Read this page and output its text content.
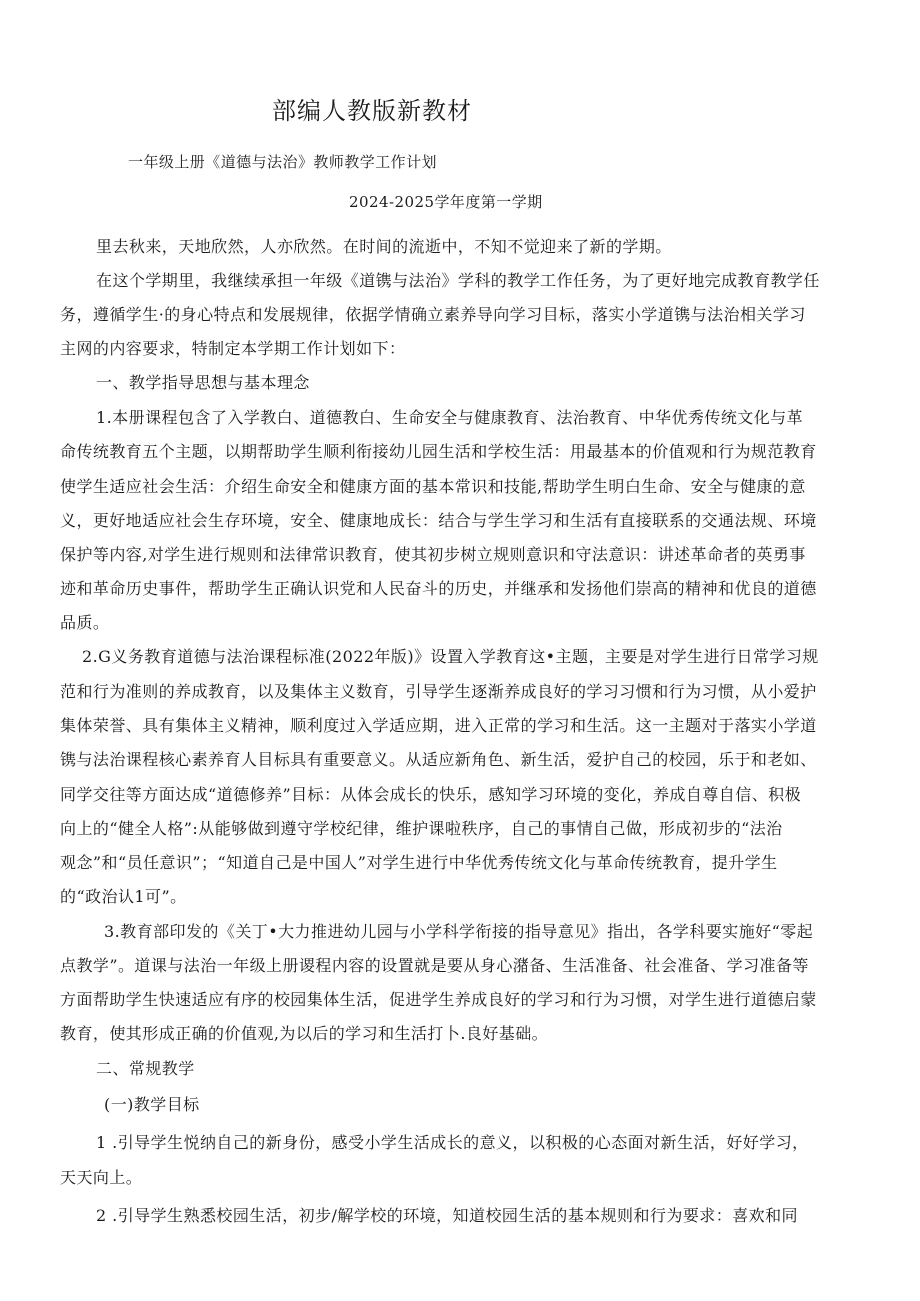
部编人教版新教材
一年级上册《道德与法治》教师教学工作计划
2024-2025学年度第一学期
里去秋来，天地欣然，人亦欣然。在时间的流逝中，不知不觉迎来了新的学期。
在这个学期里，我继续承担一年级《道镌与法治》学科的教学工作任务，为了更好地完成教育教学任
务，遵循学生·的身心特点和发展规律，依据学情确立素养导向学习目标，落实小学道镌与法治相关学习
主网的内容要求，特制定本学期工作计划如下：
一、教学指导思想与基本理念
1.本册课程包含了入学教白、道德教白、生命安全与健康教育、法治教育、中华优秀传统文化与革
命传统教育五个主题，以期帮助学生顺利衔接幼儿园生活和学校生活：用最基本的价值观和行为规范教育
使学生适应社会生活：介绍生命安全和健康方面的基本常识和技能,帮助学生明白生命、安全与健康的意
义，更好地适应社会生存环境，安全、健康地成长：结合与学生学习和生活有直接联系的交通法规、环境
保护等内容,对学生进行规则和法律常识教育，使其初步树立规则意识和守法意识：讲述革命者的英勇事
迹和革命历史事件，帮助学生正确认识党和人民奋斗的历史，并继承和发扬他们崇高的精神和优良的道德
品质。
2.G义务教育道德与法治课程标准(2022年版)》设置入学教育这•主题，主要是对学生进行日常学习规
范和行为准则的养成教育，以及集体主义数育，引导学生逐渐养成良好的学习习惯和行为习惯，从小爱护
集体荣誉、具有集体主义精神，顺利度过入学适应期，进入正常的学习和生活。这一主题对于落实小学道
镌与法治课程核心素养育人目标具有重要意义。从适应新角色、新生活，爱护自己的校园，乐于和老如、
同学交往等方面达成“道德修养”目标：从体会成长的快乐，感知学习环境的变化，养成自尊自信、积极
向上的“健全人格”:从能够做到遵守学校纪律，维护课啦秩序，自己的事情自己做，形成初步的“法治
观念”和“员任意识”；“知道自己是中国人”对学生进行中华优秀传统文化与革命传统教育，提升学生
的“政治认1可”。
3.教育部印发的《关丁•大力推进幼儿园与小学科学衔接的指导意见》指出，各学科要实施好“零起
点教学”。道课与法治一年级上册谡程内容的设置就是要从身心潴备、生活准备、社会准备、学习准备等
方面帮助学生快速适应有序的校园集体生活，促进学生养成良好的学习和行为习惯，对学生进行道德启蒙
教育，使其形成正确的价值观,为以后的学习和生活打卜.良好基础。
二、常规教学
(一)教学目标
1 .引导学生悦纳自己的新身份，感受小学生活成长的意义，以积极的心态面对新生活，好好学习，
天天向上。
2 .引导学生熟悉校园生活，初步/解学校的环境，知道校园生活的基本规则和行为要求：喜欢和同
